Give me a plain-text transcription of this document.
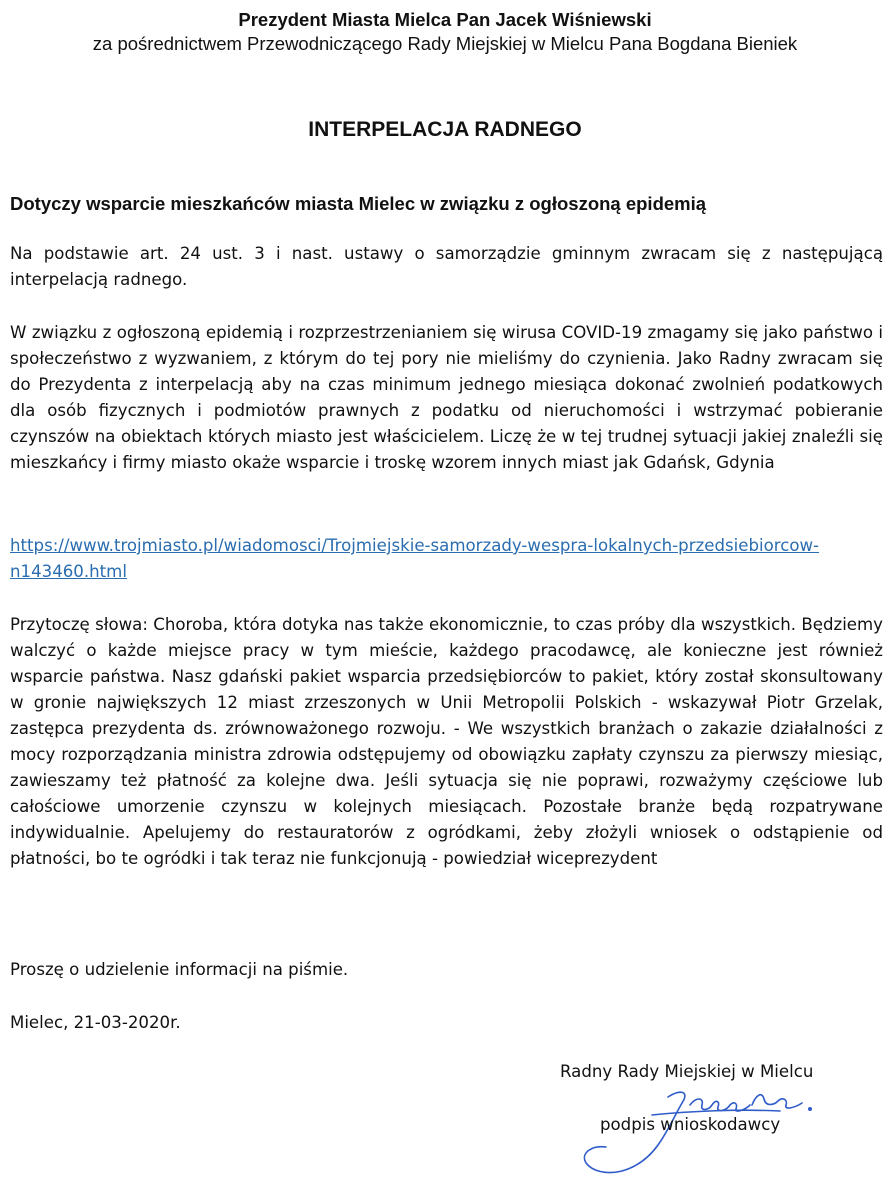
Prezydent Miasta Mielca Pan Jacek Wiśniewski
za pośrednictwem Przewodniczącego Rady Miejskiej w Mielcu Pana Bogdana Bieniek
INTERPELACJA RADNEGO
Dotyczy wsparcie mieszkańców miasta Mielec w związku z ogłoszoną epidemią

Na podstawie art. 24 ust. 3 i nast. ustawy o samorządzie gminnym zwracam się z następującą interpelacją radnego.

W związku z ogłoszoną epidemią i rozprzestrzenianiem się wirusa COVID-19 zmagamy się jako państwo i społeczeństwo z wyzwaniem, z którym do tej pory nie mieliśmy do czynienia. Jako Radny zwracam się do Prezydenta z interpelacją aby na czas minimum jednego miesiąca dokonać zwolnień podatkowych dla osób fizycznych i podmiotów prawnych z podatku od nieruchomości i wstrzymać pobieranie czynszów na obiektach których miasto jest właścicielem. Liczę że w tej trudnej sytuacji jakiej znaleźli się mieszkańcy i firmy miasto okaże wsparcie i troskę wzorem innych miast jak Gdańsk, Gdynia

https://www.trojmiasto.pl/wiadomosci/Trojmiejskie-samorzady-wespra-lokalnych-przedsiebiorcow-n143460.html

Przytoczę słowa: Choroba, która dotyka nas także ekonomicznie, to czas próby dla wszystkich. Będziemy walczyć o każde miejsce pracy w tym mieście, każdego pracodawcę, ale konieczne jest również wsparcie państwa. Nasz gdański pakiet wsparcia przedsiębiorców to pakiet, który został skonsultowany w gronie największych 12 miast zrzeszonych w Unii Metropolii Polskich - wskazywał Piotr Grzelak, zastępca prezydenta ds. zrównoważonego rozwoju. - We wszystkich branżach o zakazie działalności z mocy rozporządzania ministra zdrowia odstępujemy od obowiązku zapłaty czynszu za pierwszy miesiąc, zawieszamy też płatność za kolejne dwa. Jeśli sytuacja się nie poprawi, rozważymy częściowe lub całościowe umorzenie czynszu w kolejnych miesiącach. Pozostałe branże będą rozpatrywane indywidualnie. Apelujemy do restauratorów z ogródkami, żeby złożyli wniosek o odstąpienie od płatności, bo te ogródki i tak teraz nie funkcjonują - powiedział wiceprezydent

Proszę o udzielenie informacji na piśmie.

Mielec, 21-03-2020r.

Radny Rady Miejskiej w Mielcu
podpis wnioskodawcy
